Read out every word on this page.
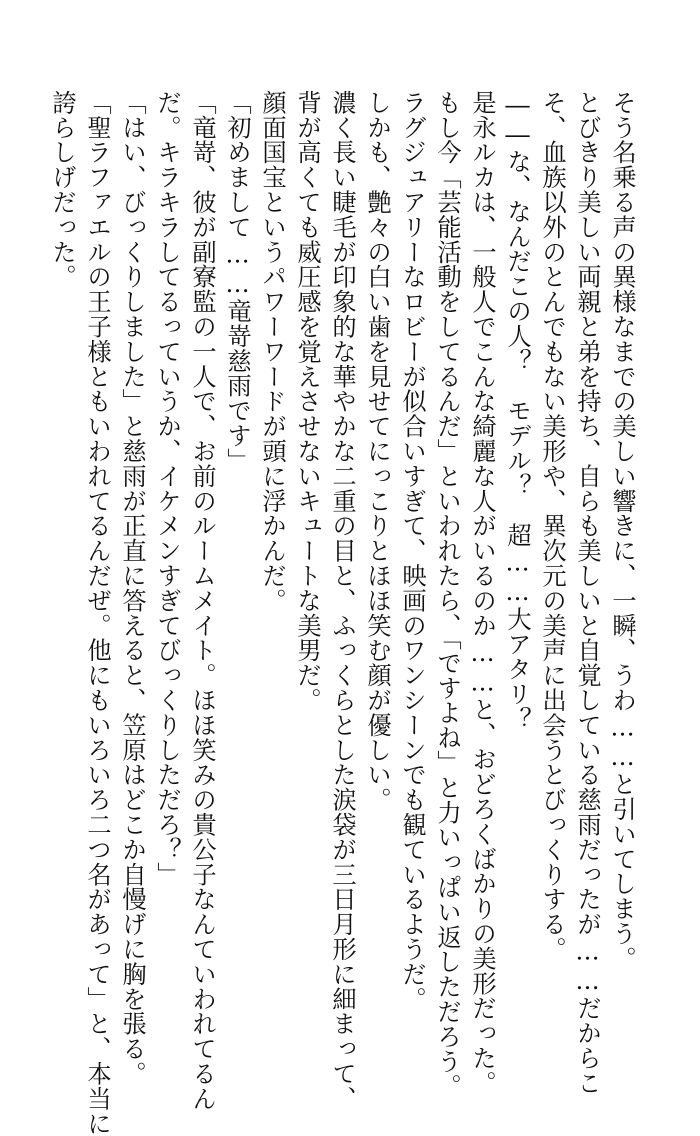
そう名乗る声の異様なまでの美しい響きに、一瞬、うわ……と引いてしまう。
とびきり美しい両親と弟を持ち、自らも美しいと自覚している慈雨だったが……だからこ
そ、血族以外のとんでもない美形や、異次元の美声に出会うとびっくりする。
――な、なんだこの人？　モデル？　超……大アタリ？
是永ルカは、一般人でこんな綺麗な人がいるのか……と、おどろくばかりの美形だった。
もし今「芸能活動をしてるんだ」といわれたら、「ですよね」と力いっぱい返しただろう。
ラグジュアリーなロビーが似合いすぎて、映画のワンシーンでも観ているようだ。
しかも、艶々の白い歯を見せてにっこりとほほ笑む顔が優しい。
濃く長い睫毛が印象的な華やかな二重の目と、ふっくらとした涙袋が三日月形に細まって、
背が高くても威圧感を覚えさせないキュートな美男だ。
顔面国宝というパワーワードが頭に浮かんだ。
「初めまして……竜嵜慈雨です」
「竜嵜、彼が副寮監の一人で、お前のルームメイト。ほほ笑みの貴公子なんていわれてるん
だ。キラキラしてるっていうか、イケメンすぎてびっくりしただろ？」
「はい、びっくりしました」と慈雨が正直に答えると、笠原はどこか自慢げに胸を張る。
「聖ラファエルの王子様ともいわれてるんだぜ。他にもいろいろ二つ名があって」と、本当に
誇らしげだった。
